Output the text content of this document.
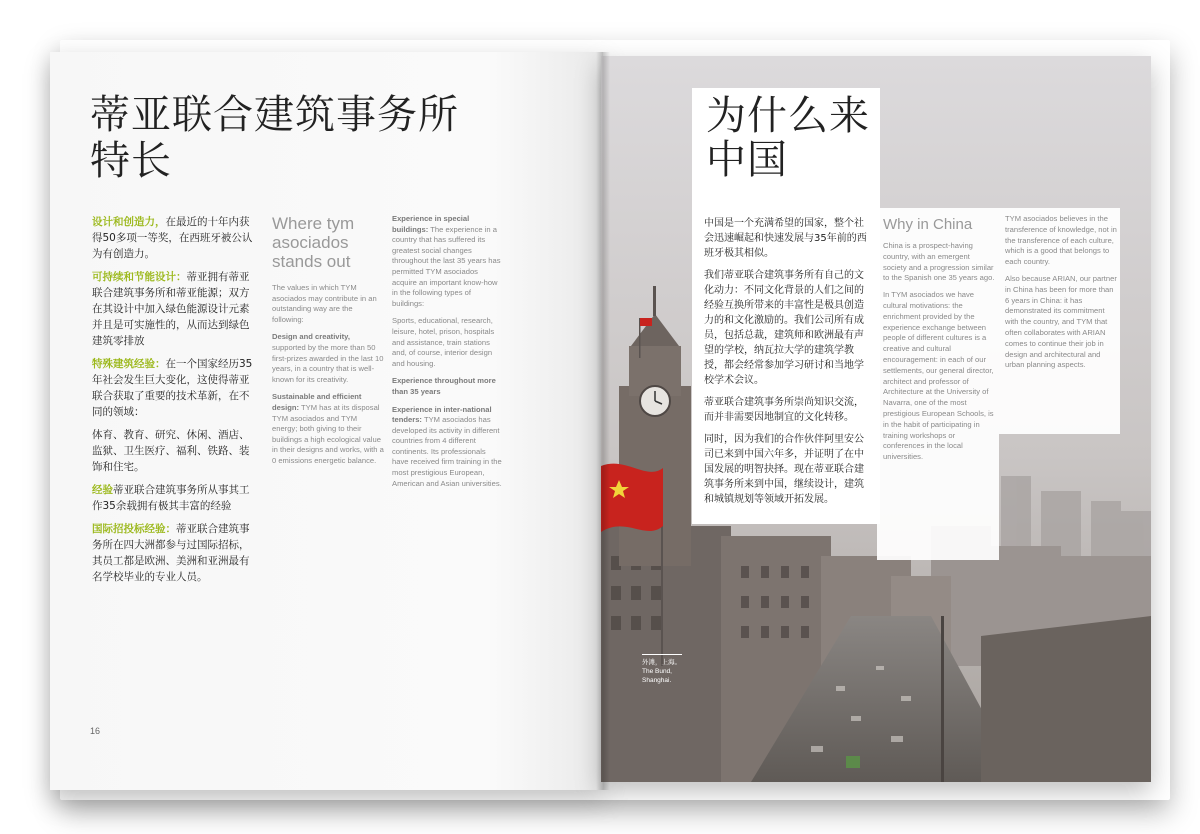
蒂亚联合建筑事务所
特长

设计和创造力，在最近的十年内获得50多项一等奖，在西班牙被公认为有创造力。

可持续和节能设计：蒂亚拥有蒂亚联合建筑事务所和蒂亚能源；双方在其设计中加入绿色能源设计元素并且是可实施性的，从而达到绿色建筑零排放

特殊建筑经验：在一个国家经历35年社会发生巨大变化，这使得蒂亚联合获取了重要的技术革新，在不同的领域：

体育、教育、研究、休闲、酒店、监狱、卫生医疗、福利、铁路、装饰和住宅。

经验蒂亚联合建筑事务所从事其工作35余载拥有极其丰富的经验

国际招投标经验：蒂亚联合建筑事务所在四大洲都参与过国际招标，其员工都是欧洲、美洲和亚洲最有名学校毕业的专业人员。

Where tym asociados stands out

The values in which TYM asociados may contribute in an outstanding way are the following:

Design and creativity, supported by the more than 50 first-prizes awarded in the last 10 years, in a country that is well-known for its creativity.

Sustainable and efficient design: TYM has at its disposal TYM asociados and TYM energy; both giving to their buildings a high ecological value in their designs and works, with a 0 emissions energetic balance.

Experience in special buildings: The experience in a country that has suffered its greatest social changes throughout the last 35 years has permitted TYM asociados acquire an important know-how in the following types of buildings:

Sports, educational, research, leisure, hotel, prison, hospitals and assistance, train stations and, of course, interior design and housing.

Experience throughout more than 35 years

Experience in inter-national tenders: TYM asociados has developed its activity in different countries from 4 different continents. Its professionals have received firm training in the most prestigious European, American and Asian universities.

16
为什么来
中国

中国是一个充满希望的国家，整个社会迅速崛起和快速发展与35年前的西班牙极其相似。

我们蒂亚联合建筑事务所有自己的文化动力：不同文化背景的人们之间的经验互换所带来的丰富性是极具创造力的和文化激励的。我们公司所有成员，包括总裁，建筑师和欧洲最有声望的学校，纳瓦拉大学的建筑学教授，都会经常参加学习研讨和当地学校学术会议。

蒂亚联合建筑事务所崇尚知识交流，而并非需要因地制宜的文化转移。

同时，因为我们的合作伙伴阿里安公司已来到中国六年多，并证明了在中国发展的明智抉择。现在蒂亚联合建筑事务所来到中国，继续设计，建筑和城镇规划等领域开拓发展。

Why in China

China is a prospect-having country, with an emergent society and a progression similar to the Spanish one 35 years ago.

In TYM asociados we have cultural motivations: the enrichment provided by the experience exchange between people of different cultures is a creative and cultural encouragement: in each of our settlements, our general director, architect and professor of Architecture at the University of Navarra, one of the most prestigious European Schools, is in the habit of participating in training workshops or conferences in the local universities.

TYM asociados believes in the transference of knowledge, not in the transference of each culture, which is a good that belongs to each country.

Also because ARIAN, our partner in China has been for more than 6 years in China: it has demonstrated its commitment with the country, and TYM that often collaborates with ARIAN comes to continue their job in design and architectural and urban planning aspects.

外滩，上海。
The Bund,
Shanghai.
